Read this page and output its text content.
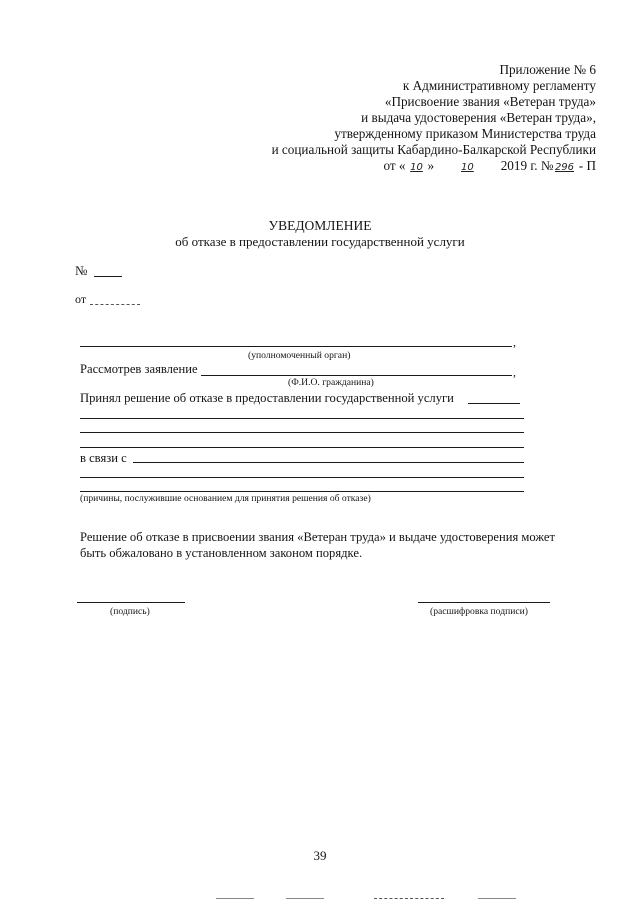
Приложение № 6
к Административному регламенту
«Присвоение звания «Ветеран труда»
и выдача удостоверения «Ветеран труда»,
утвержденному приказом Министерства труда
и социальной защиты Кабардино-Балкарской Республики
от « 10 »	10 2019 г. №296 - П
УВЕДОМЛЕНИЕ
об отказе в предоставлении государственной услуги
№
от
,
(уполномоченный орган)
Рассмотрев заявление	,
(Ф.И.О. гражданина)
Принял решение об отказе в предоставлении государственной услуги
в связи с
(причины, послужившие основанием для принятия решения об отказе)
Решение об отказе в присвоении звания «Ветеран труда» и выдаче удостоверения может
быть обжаловано в установленном законом порядке.
(подпись)	(расшифровка подписи)
39
